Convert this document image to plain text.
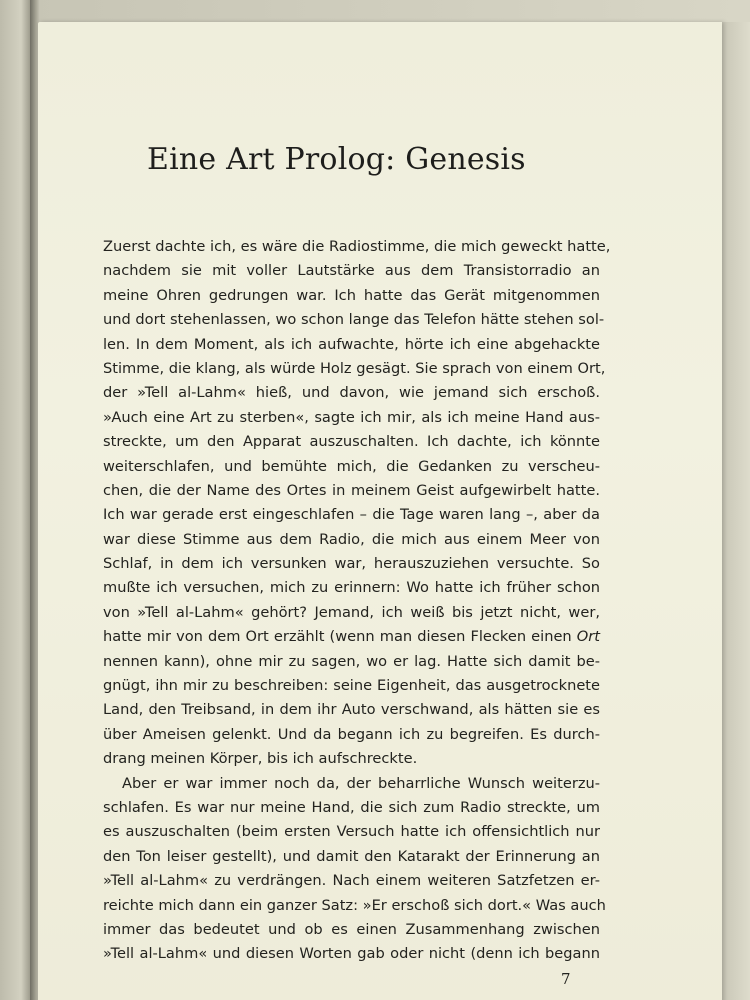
Eine Art Prolog: Genesis

Zuerst dachte ich, es wäre die Radiostimme, die mich geweckt hatte,
nachdem sie mit voller Lautstärke aus dem Transistorradio an
meine Ohren gedrungen war. Ich hatte das Gerät mitgenommen
und dort stehenlassen, wo schon lange das Telefon hätte stehen sol-
len. In dem Moment, als ich aufwachte, hörte ich eine abgehackte
Stimme, die klang, als würde Holz gesägt. Sie sprach von einem Ort,
der »Tell al-Lahm« hieß, und davon, wie jemand sich erschoß.
»Auch eine Art zu sterben«, sagte ich mir, als ich meine Hand aus-
streckte, um den Apparat auszuschalten. Ich dachte, ich könnte
weiterschlafen, und bemühte mich, die Gedanken zu verscheu-
chen, die der Name des Ortes in meinem Geist aufgewirbelt hatte.
Ich war gerade erst eingeschlafen – die Tage waren lang –, aber da
war diese Stimme aus dem Radio, die mich aus einem Meer von
Schlaf, in dem ich versunken war, herauszuziehen versuchte. So
mußte ich versuchen, mich zu erinnern: Wo hatte ich früher schon
von »Tell al-Lahm« gehört? Jemand, ich weiß bis jetzt nicht, wer,
hatte mir von dem Ort erzählt (wenn man diesen Flecken einen Ort
nennen kann), ohne mir zu sagen, wo er lag. Hatte sich damit be-
gnügt, ihn mir zu beschreiben: seine Eigenheit, das ausgetrocknete
Land, den Treibsand, in dem ihr Auto verschwand, als hätten sie es
über Ameisen gelenkt. Und da begann ich zu begreifen. Es durch-
drang meinen Körper, bis ich aufschreckte.

Aber er war immer noch da, der beharrliche Wunsch weiterzu-
schlafen. Es war nur meine Hand, die sich zum Radio streckte, um
es auszuschalten (beim ersten Versuch hatte ich offensichtlich nur
den Ton leiser gestellt), und damit den Katarakt der Erinnerung an
»Tell al-Lahm« zu verdrängen. Nach einem weiteren Satzfetzen er-
reichte mich dann ein ganzer Satz: »Er erschoß sich dort.« Was auch
immer das bedeutet und ob es einen Zusammenhang zwischen
»Tell al-Lahm« und diesen Worten gab oder nicht (denn ich begann

7
